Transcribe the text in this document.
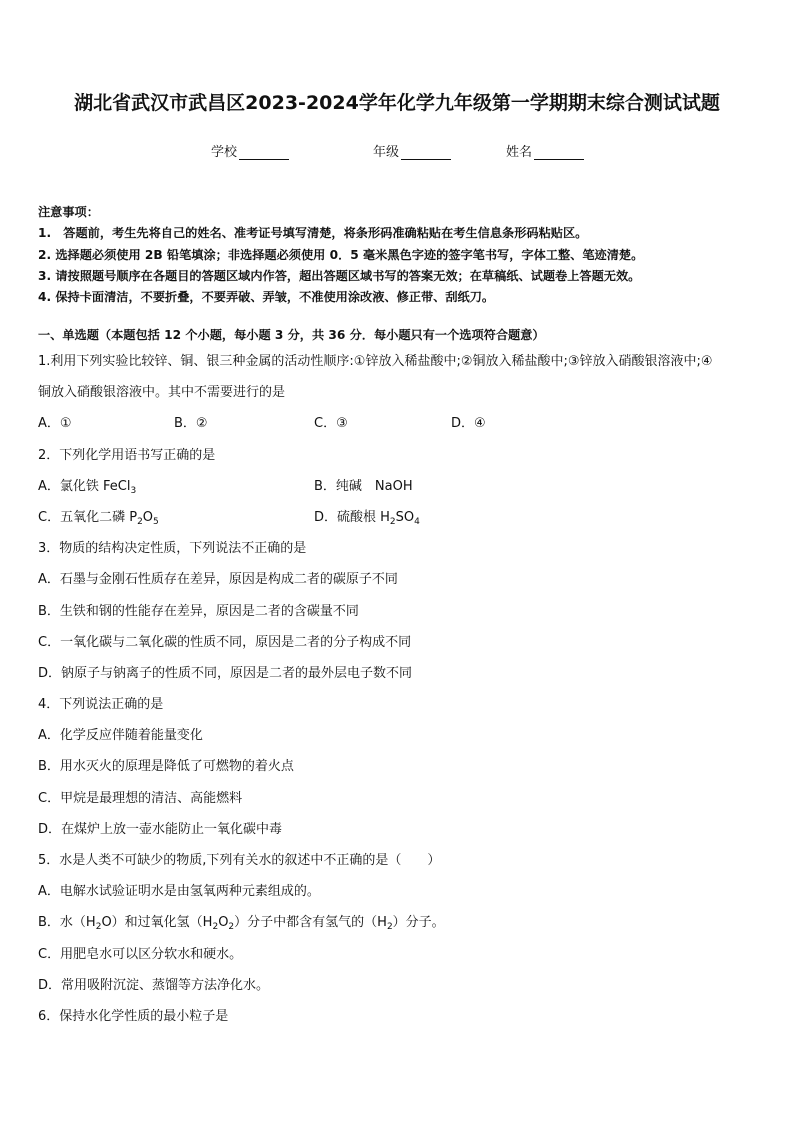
湖北省武汉市武昌区2023-2024学年化学九年级第一学期期末综合测试试题
学校	年级	姓名
注意事项：
1.　答题前，考生先将自己的姓名、准考证号填写清楚，将条形码准确粘贴在考生信息条形码粘贴区。
2. 选择题必须使用 2B 铅笔填涂；非选择题必须使用 0．5 毫米黑色字迹的签字笔书写，字体工整、笔迹清楚。
3. 请按照题号顺序在各题目的答题区域内作答，超出答题区域书写的答案无效；在草稿纸、试题卷上答题无效。
4. 保持卡面清洁，不要折叠，不要弄破、弄皱，不准使用涂改液、修正带、刮纸刀。
一、单选题（本题包括 12 个小题，每小题 3 分，共 36 分．每小题只有一个选项符合题意）
1.利用下列实验比较锌、铜、银三种金属的活动性顺序:①锌放入稀盐酸中;②铜放入稀盐酸中;③锌放入硝酸银溶液中;④
铜放入硝酸银溶液中。其中不需要进行的是
A．①	B．②	C．③	D．④
2．下列化学用语书写正确的是
A．氯化铁 FeCl$_3$	B．纯碱　NaOH
C．五氧化二磷 $P_2O_5$	D．硫酸根 $H_2SO_4$
3．物质的结构决定性质，下列说法不正确的是
A．石墨与金刚石性质存在差异，原因是构成二者的碳原子不同
B．生铁和钢的性能存在差异，原因是二者的含碳量不同
C．一氧化碳与二氧化碳的性质不同，原因是二者的分子构成不同
D．钠原子与钠离子的性质不同，原因是二者的最外层电子数不同
4．下列说法正确的是
A．化学反应伴随着能量变化
B．用水灭火的原理是降低了可燃物的着火点
C．甲烷是最理想的清洁、高能燃料
D．在煤炉上放一壶水能防止一氧化碳中毒
5．水是人类不可缺少的物质,下列有关水的叙述中不正确的是（　　）
A．电解水试验证明水是由氢氧两种元素组成的。
B．水$(H_2O)$和过氧化氢$(H_2O_2)$分子中都含有氢气的$(H_2)$分子。
C．用肥皂水可以区分软水和硬水。
D．常用吸附沉淀、蒸馏等方法净化水。
6．保持水化学性质的最小粒子是
